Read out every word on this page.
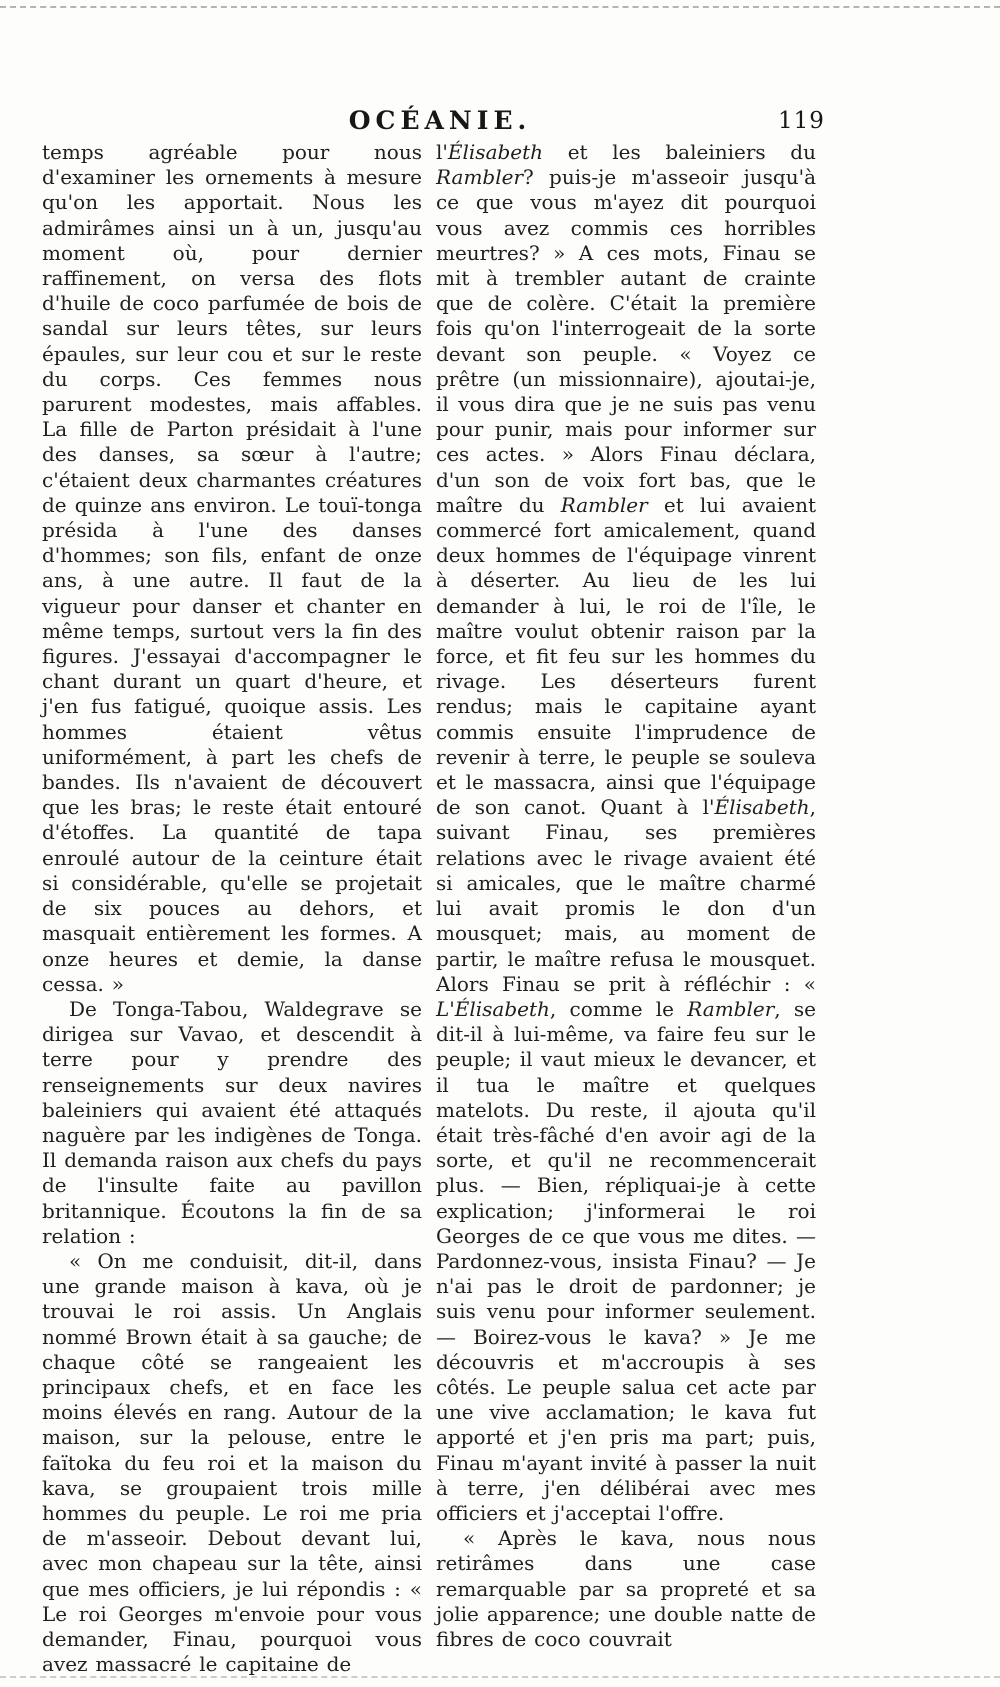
OCÉANIE.	119

temps agréable pour nous d'examiner les ornements à mesure qu'on les apportait. Nous les admirâmes ainsi un à un, jusqu'au moment où, pour dernier raffinement, on versa des flots d'huile de coco parfumée de bois de sandal sur leurs têtes, sur leurs épaules, sur leur cou et sur le reste du corps. Ces femmes nous parurent modestes, mais affables. La fille de Parton présidait à l'une des danses, sa sœur à l'autre; c'étaient deux charmantes créatures de quinze ans environ. Le touï-tonga présida à l'une des danses d'hommes; son fils, enfant de onze ans, à une autre. Il faut de la vigueur pour danser et chanter en même temps, surtout vers la fin des figures. J'essayai d'accompagner le chant durant un quart d'heure, et j'en fus fatigué, quoique assis. Les hommes étaient vêtus uniformément, à part les chefs de bandes. Ils n'avaient de découvert que les bras; le reste était entouré d'étoffes. La quantité de tapa enroulé autour de la ceinture était si considérable, qu'elle se projetait de six pouces au dehors, et masquait entièrement les formes. A onze heures et demie, la danse cessa. »

De Tonga-Tabou, Waldegrave se dirigea sur Vavao, et descendit à terre pour y prendre des renseignements sur deux navires baleiniers qui avaient été attaqués naguère par les indigènes de Tonga. Il demanda raison aux chefs du pays de l'insulte faite au pavillon britannique. Écoutons la fin de sa relation :

« On me conduisit, dit-il, dans une grande maison à kava, où je trouvai le roi assis. Un Anglais nommé Brown était à sa gauche; de chaque côté se rangeaient les principaux chefs, et en face les moins élevés en rang. Autour de la maison, sur la pelouse, entre le faïtoka du feu roi et la maison du kava, se groupaient trois mille hommes du peuple. Le roi me pria de m'asseoir. Debout devant lui, avec mon chapeau sur la tête, ainsi que mes officiers, je lui répondis : « Le roi Georges m'envoie pour vous demander, Finau, pourquoi vous avez massacré le capitaine de

l'Élisabeth et les baleiniers du Rambler? puis-je m'asseoir jusqu'à ce que vous m'ayez dit pourquoi vous avez commis ces horribles meurtres? » A ces mots, Finau se mit à trembler autant de crainte que de colère. C'était la première fois qu'on l'interrogeait de la sorte devant son peuple. « Voyez ce prêtre (un missionnaire), ajoutai-je, il vous dira que je ne suis pas venu pour punir, mais pour informer sur ces actes. » Alors Finau déclara, d'un son de voix fort bas, que le maître du Rambler et lui avaient commercé fort amicalement, quand deux hommes de l'équipage vinrent à déserter. Au lieu de les lui demander à lui, le roi de l'île, le maître voulut obtenir raison par la force, et fit feu sur les hommes du rivage. Les déserteurs furent rendus; mais le capitaine ayant commis ensuite l'imprudence de revenir à terre, le peuple se souleva et le massacra, ainsi que l'équipage de son canot. Quant à l'Élisabeth, suivant Finau, ses premières relations avec le rivage avaient été si amicales, que le maître charmé lui avait promis le don d'un mousquet; mais, au moment de partir, le maître refusa le mousquet. Alors Finau se prit à réfléchir : « L'Élisabeth, comme le Rambler, se dit-il à lui-même, va faire feu sur le peuple; il vaut mieux le devancer, et il tua le maître et quelques matelots. Du reste, il ajouta qu'il était très-fâché d'en avoir agi de la sorte, et qu'il ne recommencerait plus. — Bien, répliquai-je à cette explication; j'informerai le roi Georges de ce que vous me dites. — Pardonnez-vous, insista Finau? — Je n'ai pas le droit de pardonner; je suis venu pour informer seulement. — Boirez-vous le kava? » Je me découvris et m'accroupis à ses côtés. Le peuple salua cet acte par une vive acclamation; le kava fut apporté et j'en pris ma part; puis, Finau m'ayant invité à passer la nuit à terre, j'en délibérai avec mes officiers et j'acceptai l'offre.

« Après le kava, nous nous retirâmes dans une case remarquable par sa propreté et sa jolie apparence; une double natte de fibres de coco couvrait
